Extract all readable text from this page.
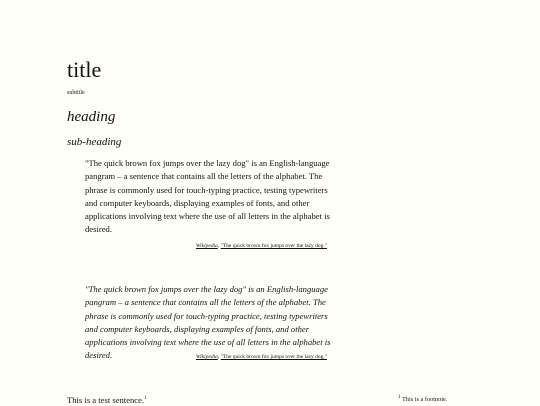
title
subtitle
heading
sub-heading

"The quick brown fox jumps over the lazy dog" is an English-language pangram – a sentence that contains all the letters of the alphabet. The phrase is commonly used for touch-typing practice, testing typewriters and computer keyboards, displaying examples of fonts, and other applications involving text where the use of all letters in the alphabet is desired.

Wikipedia, "The quick brown fox jumps over the lazy dog."

"The quick brown fox jumps over the lazy dog" is an English-language pangram – a sentence that contains all the letters of the alphabet. The phrase is commonly used for touch-typing practice, testing typewriters and computer keyboards, displaying examples of fonts, and other applications involving text where the use of all letters in the alphabet is desired.	Wikipedia, "The quick brown fox jumps over the lazy dog."
This is a test sentence.$^1$	$^1$ This is a footnote.
